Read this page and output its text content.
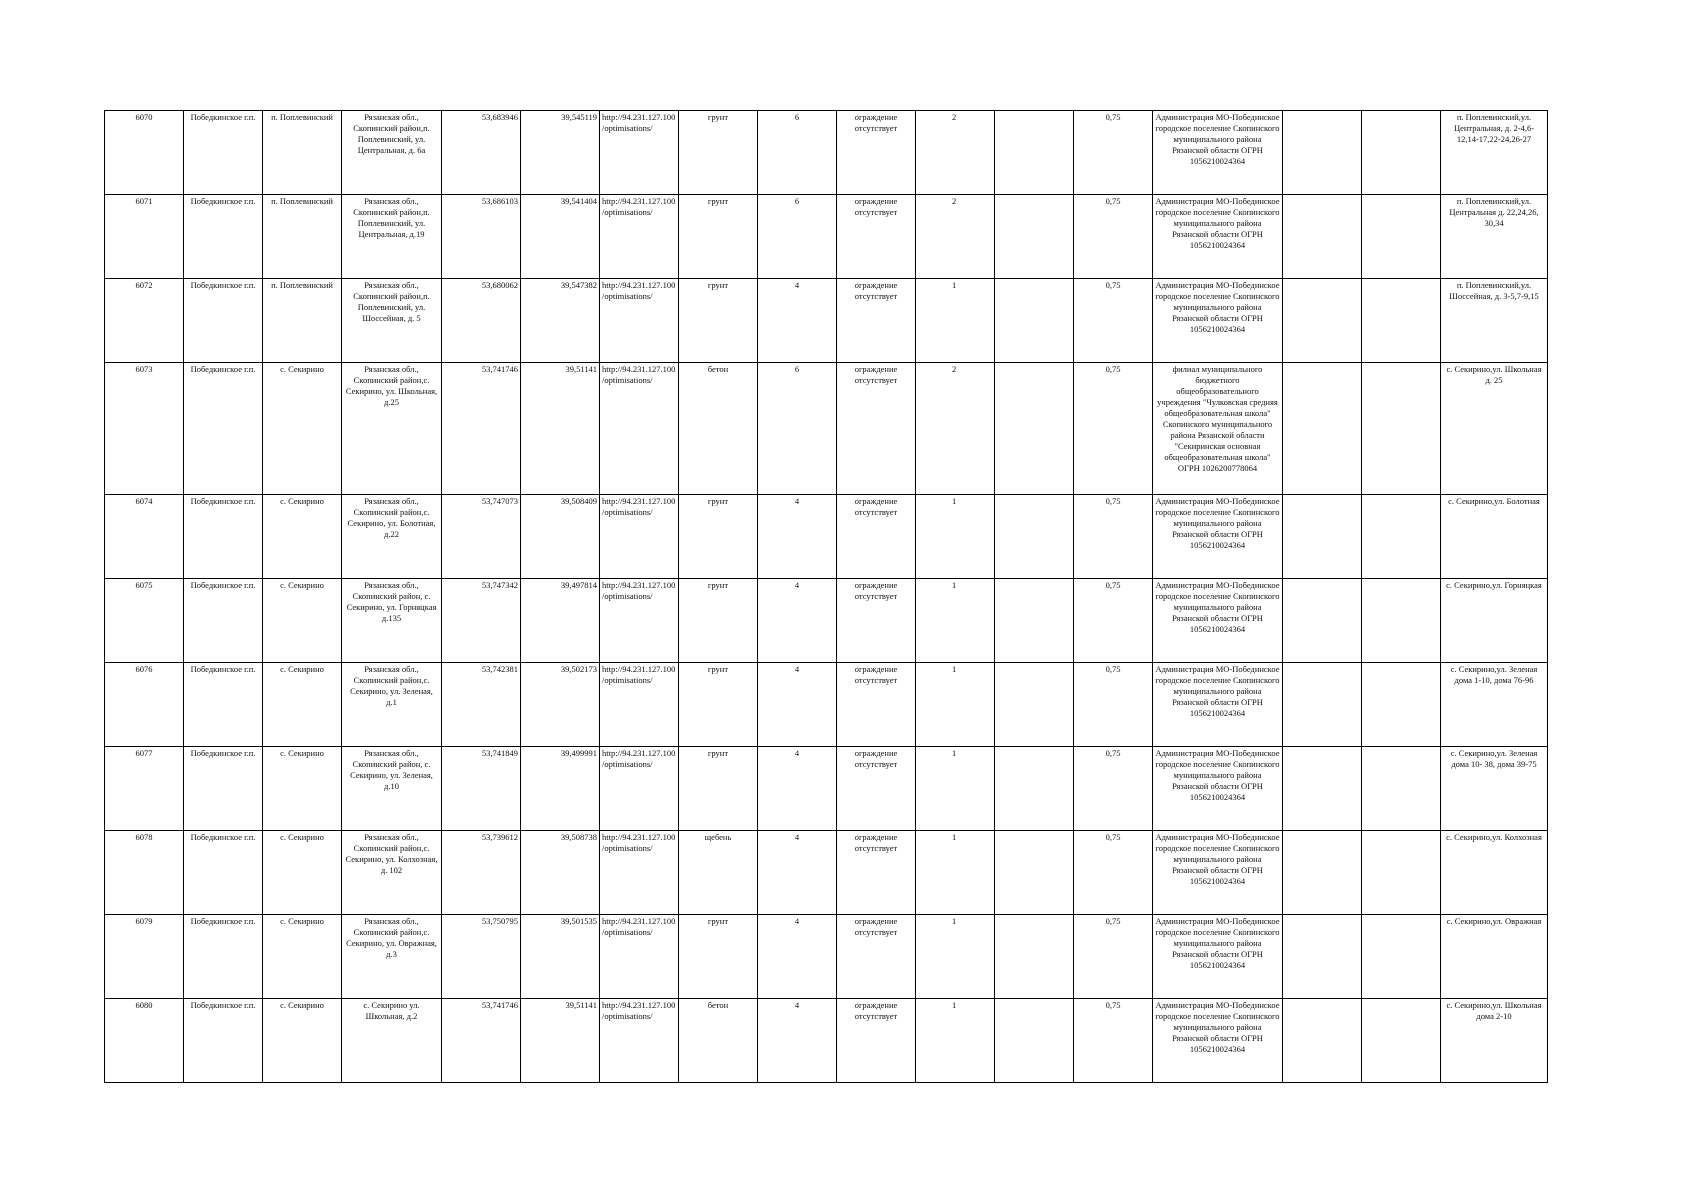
6070	Победкинское г.п.	п. Поплевинский	Рязанская обл., Скопинский район,п. Поплевинский, ул. Центральная, д. 6а	53,683946	39,545119	http://94.231.127.100/optimisations/	грунт	6	ограждение отсутствует	2		0,75	Администрация МО-Побединское городское поселение Скопинского муниципального района Рязанской области ОГРН 1056210024364			п. Поплевинский,ул. Центральная, д. 2-4,6-12,14-17,22-24,26-27
6071	Победкинское г.п.	п. Поплевинский	Рязанская обл., Скопинский район,п. Поплевинский, ул. Центральная, д.19	53,686103	39,541404	http://94.231.127.100/optimisations/	грунт	6	ограждение отсутствует	2		0,75	Администрация МО-Побединское городское поселение Скопинского муниципального района Рязанской области ОГРН 1056210024364			п. Поплевинский,ул. Центральная д. 22,24,26, 30,34
6072	Победкинское г.п.	п. Поплевинский	Рязанская обл., Скопинский район,п. Поплевинский, ул. Шоссейная, д. 5	53,680062	39,547382	http://94.231.127.100/optimisations/	грунт	4	ограждение отсутствует	1		0,75	Администрация МО-Побединское городское поселение Скопинского муниципального района Рязанской области ОГРН 1056210024364			п. Поплевинский,ул. Шоссейная, д. 3-5,7-9,15
6073	Победкинское г.п.	с. Секирино	Рязанская обл., Скопинский район,с. Секирино, ул. Школьная, д.25	53,741746	39,51141	http://94.231.127.100/optimisations/	бетон	6	ограждение отсутствует	2		0,75	филиал муниципального бюджетного общеобразовательного учреждения "Чулковская средняя общеобразовательная школа" Скопинского муниципального района Рязанской области "Секиринская основная общеобразовательная школа" ОГРН 1026200778064			с. Секирино,ул. Школьная д. 25
6074	Победкинское г.п.	с. Секирино	Рязанская обл., Скопинский район,с. Секирино, ул. Болотная, д.22	53,747073	39,508409	http://94.231.127.100/optimisations/	грунт	4	ограждение отсутствует	1		0,75	Администрация МО-Побединское городское поселение Скопинского муниципального района Рязанской области ОГРН 1056210024364			с. Секирино,ул. Болотная
6075	Победкинское г.п.	с. Секирино	Рязанская обл., Скопинский район, с. Секирино, ул. Горняцкая д.135	53,747342	39,497814	http://94.231.127.100/optimisations/	грунт	4	ограждение отсутствует	1		0,75	Администрация МО-Побединское городское поселение Скопинского муниципального района Рязанской области ОГРН 1056210024364			с. Секирино,ул. Горняцкая
6076	Победкинское г.п.	с. Секирино	Рязанская обл., Скопинский район,с. Секирино, ул. Зеленая, д.1	53,742381	39,502173	http://94.231.127.100/optimisations/	грунт	4	ограждение отсутствует	1		0,75	Администрация МО-Побединское городское поселение Скопинского муниципального района Рязанской области ОГРН 1056210024364			с. Секирино,ул. Зеленая дома 1-10, дома 76-96
6077	Победкинское г.п.	с. Секирино	Рязанская обл., Скопинский район, с. Секирино, ул. Зеленая, д.10	53,741849	39,499991	http://94.231.127.100/optimisations/	грунт	4	ограждение отсутствует	1		0,75	Администрация МО-Побединское городское поселение Скопинского муниципального района Рязанской области ОГРН 1056210024364			с. Секирино,ул. Зеленая дома 10- 38, дома 39-75
6078	Победкинское г.п.	с. Секирино	Рязанская обл., Скопинский район,с. Секирино, ул. Колхозная, д. 102	53,739612	39,508738	http://94.231.127.100/optimisations/	щебень	4	ограждение отсутствует	1		0,75	Администрация МО-Побединское городское поселение Скопинского муниципального района Рязанской области ОГРН 1056210024364			с. Секирино,ул. Колхозная
6079	Победкинское г.п.	с. Секирино	Рязанская обл., Скопинский район,с. Секирино, ул. Овражная, д.3	53,750795	39,501535	http://94.231.127.100/optimisations/	грунт	4	ограждение отсутствует	1		0,75	Администрация МО-Побединское городское поселение Скопинского муниципального района Рязанской области ОГРН 1056210024364			с. Секирино,ул. Овражная
6080	Победкинское г.п.	с. Секирино	с. Секирино ул. Школьная, д.2	53,741746	39,51141	http://94.231.127.100/optimisations/	бетон	4	ограждение отсутствует	1		0,75	Администрация МО-Побединское городское поселение Скопинского муниципального района Рязанской области ОГРН 1056210024364			с. Секирино,ул. Школьная дома 2-10
